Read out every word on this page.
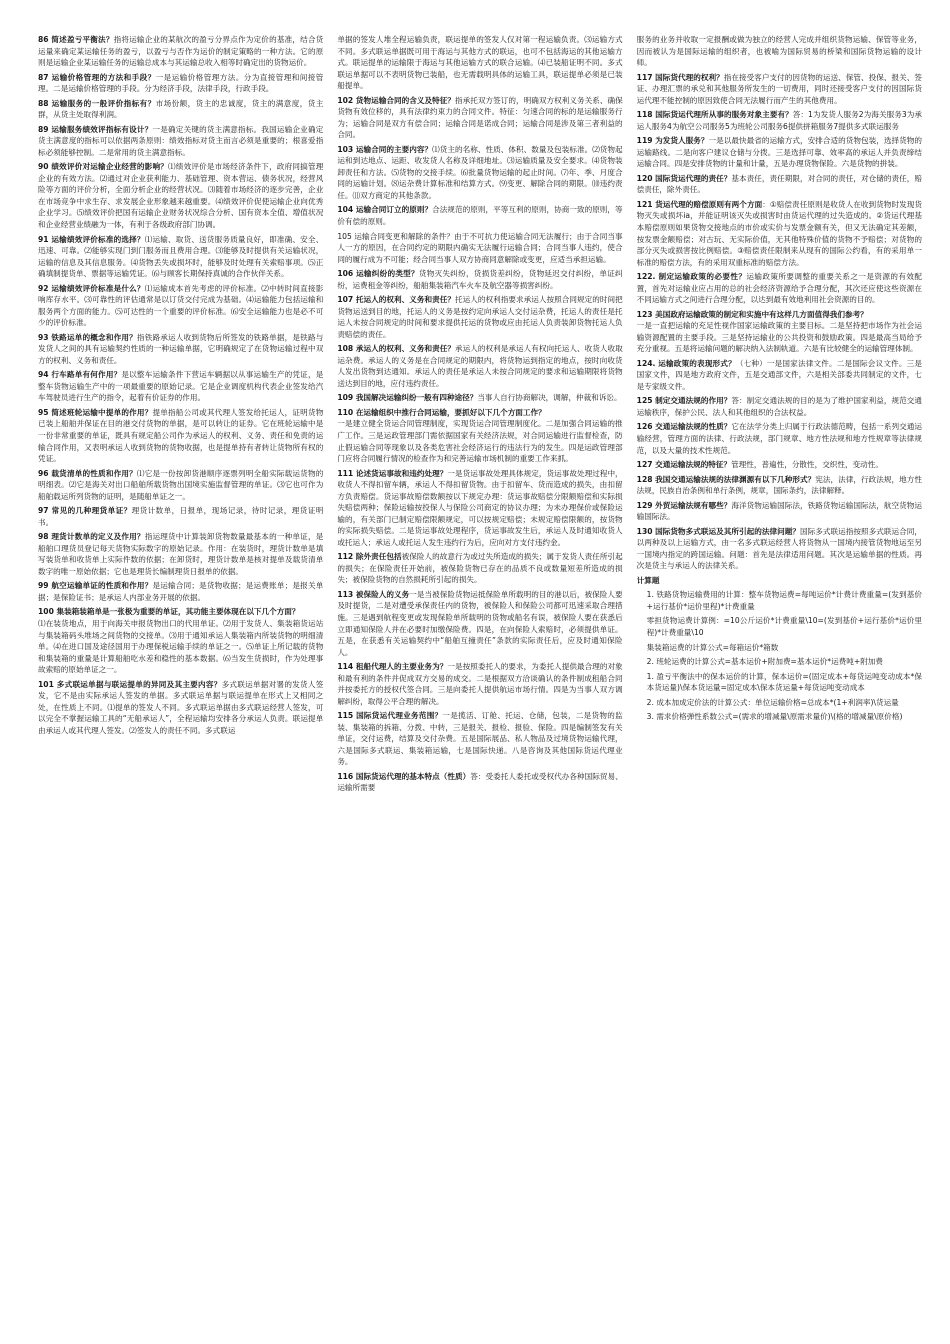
86 简述盈亏平衡法？指将运输企业的某航次的盈亏分界点作为定价的基准，结合货运量来确定某运输任务的盈亏，以盈亏与否作为运价的制定策略的一种方法。它的原则是运输企业某运输任务的运输总成本与其运输总收入相等时确定出的货物运价。

87 运输价格管理的方法和手段？一是运输价格管理方法。分为直接管理和间接管理。二是运输价格管理的手段。分为经济手段，法律手段，行政手段。

88 运输服务的一般评价指标有？市场份额，货主的忠诚度，货主的满意度，货主群，从货主处取得利润。

89 运输服务绩效评指标有设计？一是确定关键的货主满意指标。我国运输企业确定货主满意度的指标可以依据两条原则：绩效指标对货主而言必须是重要的；根喜爱指标必须能够控制。二是常用的货主满意指标。

90 绩效评价对运输企业经营的影响？⑴绩效评价是市场经济条件下，政府同搞管理企业的有效方法。⑵通过对企业获利能力、基础管理、资本营运、债务状况，经营风险等方面的评价分析，全面分析企业的经营状况。⑶随着市场经济的逐步完善，企业在市场竞争中求生存、求发展企业形象越来越重要。⑷绩效评价促使运输企业向优秀企业学习。⑸绩效评价把国有运输企业财务状况综合分析、国有资本全值、增值状况和企业经营业绩融为一体，有利于各级政府部门协调。

91 运输绩效评价标准的选择？⑴运输、取货、送货服务质量良好，即准确、安全、迅速、可靠。⑵能够实现门到门服务而且费用合理。⑶能够及时提供有关运输状况，运输的信息及其信息服务。⑷货物丢失或损坏时，能够及时处理有关索赔事项。⑸正确填制提货单、票据等运输凭证。⑹与顾客长期保持真诚的合作伙伴关系。

92 运输绩效评价标准是什么？⑴运输成本首先考虑的评价标准。⑵中转时间直接影响库存水平。⑶可靠性的评估通常是以订货交付完成为基础。⑷运输能力包括运输和服务两个方面的能力。⑸可达性的一个重要的评价标准。⑹安全运输能力也是必不可少的评价标准。

93 铁路运单的概念和作用？指铁路承运人收到货物后所签发的铁路单据，是铁路与发货人之间的具有运输契约性质的一种运输单据，它明确规定了在货物运输过程中双方的权利、义务和责任。

94 行车路单有何作用？是以整车运输条件下营运车辆据以从事运输生产的凭证，是整车货物运输生产中的一项最重要的原始记录。它是企业调度机构代表企业签发给汽车驾驶员进行生产的指令，起着有价证券的作用。

95 简述班轮运输中提单的作用？提单指船公司或其代理人签发给托运人，证明货物已装上船舶并保证在目的港交付货物的单据，是可以转让的证券。它在班轮运输中是一份非常重要的单证，既具有规定船公司作为承运人的权利、义务、责任和免责的运输合同作用，又表明承运人收到货物的货物收据，也是提单持有者转让货物所有权的凭证。

96 载货清单的性质和作用？⑴它是一份按卸货港顺序逐票列明全船实际载运货物的明细表。⑵它是海关对出口船舶所载货物出国境实施监督管理的单证。⑶它也可作为船舶载运所列货物的证明，是随船单证之一。

97 常见的几种理货单证？理货计数单，日报单，现场记录，待时记录，理货证明书。

98 理货计数单的定义及作用？指运理货中计算装卸货物数量最基本的一种单证，是船舶口理货员登记每天货物实际数字的原始记录。作用：在装货时，理货计数单是填写装货单和收货单上实际件数的依据；在卸货时，理货计数单是核对提单及载货清单数字的唯一原始依据；它也是理货长编制理货日报单的依据。

99 航空运输单证的性质和作用？是运输合同；是货物收据；是运费账单；是报关单据；是保险证书；是承运人内部业务开展的依据。

100 集装箱装箱单是一张极为重要的单证，其功能主要体现在以下几个方面？
⑴在装货地点，用于向海关申报货物出口的代用单证。⑵用于发货人、集装箱货运站与集装箱码头堆场之间货物的交接单。⑶用于通知承运人集装箱内所装货物的明细清单。⑷在进口国及途径国用于办理保税运输手续的单证之一。⑸单证上所记载的货物和集装箱的重量是计算船舶吃水差和稳性的基本数据。⑹当发生货损时，作为处理事故索赔的原始单证之一。

101 多式联运单据与联运提单的异同及其主要内容？多式联运单据对署的发货人签发，它不是由实际承运人签发的单据。多式联运单据与联运提单在形式上又相同之处，在性质上不同。⑴提单的签发人不同。多式联运单据由多式联运经营人签发，可以完全不掌握运输工具的“无船承运人”，全程运输均安排各分承运人负责。联运提单由承运人或其代理人签发。⑵签发人的责任不同。多式联运

单据的签发人堆全程运输负责，联运提单的签发人仅对第一程运输负责。⑶运输方式不同。多式联运单据既可用于海运与其他方式的联运，也可不包括海运的其他运输方式。联运提单的运输限于海运与其他运输方式的联合运输。⑷已装船证明不同。多式联运单据可以不表明货物已装船，也无需载明具体的运输工具，联运提单必须是已装船提单。

102 货物运输合同的含义及特征？指承托双方签订的，明确双方权利义务关系、确保货物有效位移的，具有法律约束力的合同文件。特征：匀速合同的标的是运输服务行为；运输合同是双方有偿合同；运输合同是诺成合同；运输合同是涉及第三者利益的合同。

103 运输合同的主要内容？⑴货主的名称、性质、体积、数量及包装标准。⑵货物起运和到达地点、运距、收发货人名称及详细地址。⑶运输质量及安全要求。⑷货物装卸责任和方法。⑸货物的交接手续。⑹批量货物运输的起止时间。⑺年、季、月度合同的运输计划。⑻运杂费计算标准和结算方式。⑼变更、解除合同的期限。⑽违约责任。⑾双方商定的其他条款。

104 运输合同订立的原则？合法规范的原则，平等互利的原则，协商一致的原则，等价有偿的原则。

105 运输合同变更和解除的条件？由于不可抗力使运输合同无法履行；由于合同当事人一方的原因，在合同约定的期限内确实无法履行运输合同；合同当事人违约，使合同的履行成为不可能；经合同当事人双方协商同意解除或变更，应适当承担运输。

106 运输纠纷的类型？货物灭失纠纷，货损货差纠纷，货物延迟交付纠纷，单证纠纷，运费租金等纠纷，船舶集装箱汽车火车及航空器等损害纠纷。

107 托运人的权利、义务和责任？托运人的权利指要求承运人按照合同规定的时间把货物运送到目的地，托运人的义务是按约定向承运人交付运杂费，托运人的责任是托运人未按合同规定的时间和要求提供托运的货物或应由托运人负责装卸货物托运人负责赔偿的责任。

108 承运人的权利、义务和责任？承运人的权利是承运人有权向托运人、收货人收取运杂费。承运人的义务是在合同规定的期限内，将货物运到指定的地点，按时向收货人发出货物到达通知。承运人的责任是承运人未按合同规定的要求和运输期限将货物送达到目的地，应付违约责任。

109 我国解决运输纠纷一般有四种途径？当事人自行协商解决，调解，仲裁和诉讼。

110 在运输组织中推行合同运输，要抓好以下几个方面工作？
一是建立健全货运合同管理制度，实现货运合同管理制度化。二是加强合同运输的推广工作。三是运政管理部门需依据国家有关经济法规，对合同运输进行监督检查，防止假运输合同等现象以及各类危害社会经济运行的违法行为的发生。四是运政管理部门应将合同履行情况的检查作为和完善运输市场机制的重要工作来抓。

111 论述货运事故和违约处理？一是货运事故处理具体规定，货运事故处理过程中，收货人不得扣留车辆，承运人不得扣留货物。由于扣留车、货而造成的损失，由扣留方负责赔偿。货运事故赔偿数额按以下规定办理：货运事故赔偿分限额赔偿和实际损失赔偿两种；保险运输按投保人与保险公司商定的协议办理；为未办理保价或保险运输的，有关部门已制定赔偿限额规定，可以按规定赔偿；未规定赔偿限额的，按货物的实际损失赔偿。二是货运事故处理程序，货运事故发生后，承运人及时通知收货人或托运人；承运人或托运人发生违约行为后，应向对方支付违约金。

112 除外责任包括被保险人的故意行为或过失所造成的损失；属于发货人责任所引起的损失；在保险责任开始前，被保险货物已存在的品质不良或数量短差所造成的损失；被保险货物的自然损耗所引起的损失。

113 被保险人的义务一是当被保险货物运抵保险单所载明的目的港以后，被保险人要及时提货，二是对遭受承保责任内的货物，被保险人和保险公司都可迅速采取合理措施。三是遇到航程变更或发现保险单所载明的货物或船名有误，被保险人要在获悉后立即通知保险人并在必要时加缴保险费。四是，在向保险人索赔时，必须提供单证。五是，在获悉有关运输契约中“船舶互撞责任”条款的实际责任后，应及时通知保险人。

114 租船代理人的主要业务为？一是按照委托人的要求，为委托人提供最合理的对象和最有利的条件并促成双方交易的成交。二是根据双方洽谈确认的条件制成租船合同并按委托方的授权代签合同。三是向委托人提供航运市场行情。四是为当事人双方调解纠纷，取得公平合理的解决。

115 国际货运代理业务范围？一是揽活、订舱、托运、仓储，包装，二是货物的监装、集装箱的拆箱、分拨、中转，三是报关、报检、报验、保险。四是编制签发有关单证，交付运费，结算及交付杂费。五是国际展品、私人物品及过境货物运输代理，六是国际多式联运、集装箱运输，七是国际快递。八是咨询及其他国际货运代理业务。

116 国际货运代理的基本特点（性质）答：受委托人委托或受权代办各种国际贸易、运输所需要

服务的业务并收取一定报酬或做为独立的经营人完成并组织货物运输、保管等业务，因而被认为是国际运输的组织者，也被喻为国际贸易的桥梁和国际货物运输的设计师。

117 国际货代理的权利？指在接受客户支付的因货物的运送、保管、投保、报关、签证、办理汇票的承兑和其他服务所发生的一切费用，同时还接受客户支付的因国际货运代理不能控制的原因致使合同无法履行而产生的其他费用。

118 国际货运代理所从事的服务对象主要有？答：1为发货人服务2为海关服务3为承运人服务4为航空公司服务5为班轮公司服务6提供拼箱服务7提供多式联运服务

119 为发货人服务？一是以最快最省的运输方式，安排合适的货物包装，选择货物的运输路线。二是向客户建议仓储与分拨。三是选择可靠、效率高的承运人并负责缔结运输合同。四是安排货物的计量和计量，五是办理货物保险。六是货物的拼装。

120 国际货运代理的责任？基本责任，责任期限，对合同的责任，对仓储的责任，赔偿责任，除外责任。

121 货运代理的赔偿原则有两个方面：①赔偿责任原则是收货人在收到货物时发现货物灭失或损坏ia，并能证明该灭失或损害时由货运代理的过失造成的。②货运代理基本赔偿原则如果货物交接地点的市价或实价与发票金额有关，但又无法确定其差额，按发票金额赔偿；对古玩、无实际价值，无其他特殊价值的货物不予赔偿；对货物的部分灭失或损害按比例赔偿。③赔偿责任限制来从现有的国际公约看，有的采用单一标准的赔偿方法，有的采用双重标准的赔偿方法。

122. 制定运输政策的必要性？运输政策所要调整的重要关系之一是资源的有效配置，首先对运输业应占用的总的社会经济资源给予合理分配，其次还应使这些资源在不同运输方式之间进行合理分配，以达到最有效地利用社会资源的目的。

123 美国政府运输政策的制定和实施中有这样几方面值得我们参考？
一是一直把运输的充足性视作国家运输政策的主要目标。二是坚持把市场作为社会运输资源配置的主要手段。三是坚持运输业的公共投资和鼓励政策。四是最高当局给予充分重视。五是将运输问题的解决纳入法制轨道。六是有比较健全的运输管理体制。

124. 运输政策的表现形式？（七种）一是国家法律文件。二是国际会议文件。三是国家文件，四是地方政府文件，五是交通部文件，六是相关部委共同制定的文件，七是专家级文件。

125 制定交通法规的作用？答：制定交通法规的目的是为了维护国家利益，规范交通运输秩序，保护公民、法人和其他组织的合法权益。

126 交通运输法规的性质？它在法学分类上归属于行政法德范畴，包括一系列交通运输经营，管理方面的法律、行政法规，部门规章、地方性法规和地方性规章等法律规范，以及大量的技术性规范。

127 交通运输法规的特征？管理性，普遍性，分散性，交织性，变动性。

128 我国交通运输法规的法律渊源有以下几种形式？宪法，法律，行政法规，地方性法规，民族自治条例和单行条例，规章，国际条约，法律解释。

129 外贸运输法规有哪些？海洋货物运输国际法，铁路货物运输国际法，航空货物运输国际法。

130 国际货物多式联运及其所引起的法律问题？国际多式联运指按照多式联运合同，以两种及以上运输方式，由一名多式联运经营人将货物从一国境内接管货物地运至另一国境内指定的跨国运输。问题：首先是法律适用问题。其次是运输单据的性质。再次是货主与承运人的法律关系。

计算题

1. 铁路货物运输费用的计算：整车货物运费=每吨运价*计费计费重量=(发到基价+运行基价*运价里程)*计费重量

零担货物运费计算例：=10公斤运价*计费重量\10=(发到基价+运行基价*运价里程)*计费重量\10

集装箱运费的计算公式=每箱运价*箱数

2. 班轮运费的计算公式=基本运价+附加费=基本运价*运费吨+附加费

1. 盈亏平衡法中的保本运价的计算，保本运价=(固定成本+每货运吨变动成本*保本货运量)\保本货运量=固定成本\保本货运量+每货运吨变动成本

2. 成本加成定价法的计算公式：单位运输价格=总成本*(1+利润率)\货运量

3. 需求价格弹性系数公式=(需求的增减量\原需求量价)\(格的增减量\原价格)
